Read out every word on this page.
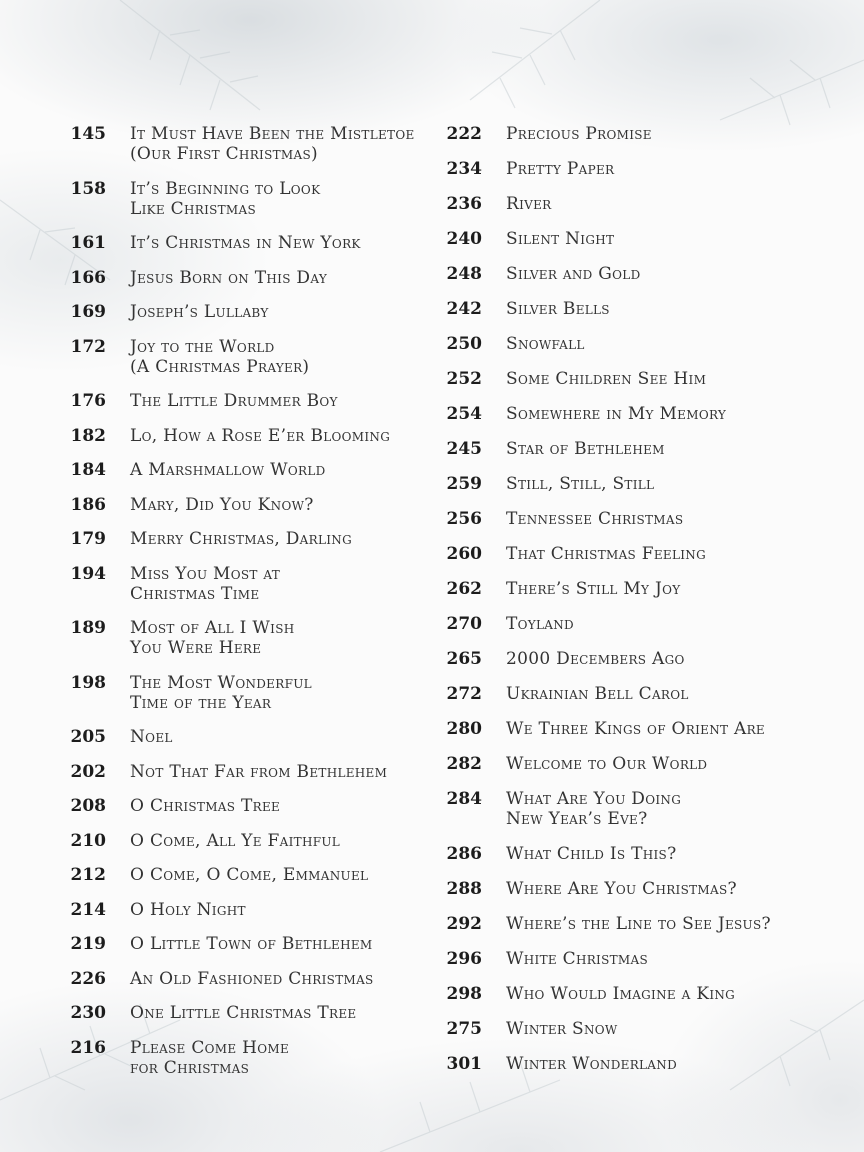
145	It Must Have Been the Mistletoe
(Our First Christmas)
158	It’s Beginning to Look
Like Christmas
161	It’s Christmas in New York
166	Jesus Born on This Day
169	Joseph’s Lullaby
172	Joy to the World
(A Christmas Prayer)
176	The Little Drummer Boy
182	Lo, How a Rose E’er Blooming
184	A Marshmallow World
186	Mary, Did You Know?
179	Merry Christmas, Darling
194	Miss You Most at
Christmas Time
189	Most of All I Wish
You Were Here
198	The Most Wonderful
Time of the Year
205	Noel
202	Not That Far from Bethlehem
208	O Christmas Tree
210	O Come, All Ye Faithful
212	O Come, O Come, Emmanuel
214	O Holy Night
219	O Little Town of Bethlehem
226	An Old Fashioned Christmas
230	One Little Christmas Tree
216	Please Come Home
for Christmas
222	Precious Promise
234	Pretty Paper
236	River
240	Silent Night
248	Silver and Gold
242	Silver Bells
250	Snowfall
252	Some Children See Him
254	Somewhere in My Memory
245	Star of Bethlehem
259	Still, Still, Still
256	Tennessee Christmas
260	That Christmas Feeling
262	There’s Still My Joy
270	Toyland
265	2000 Decembers Ago
272	Ukrainian Bell Carol
280	We Three Kings of Orient Are
282	Welcome to Our World
284	What Are You Doing
New Year’s Eve?
286	What Child Is This?
288	Where Are You Christmas?
292	Where’s the Line to See Jesus?
296	White Christmas
298	Who Would Imagine a King
275	Winter Snow
301	Winter Wonderland
